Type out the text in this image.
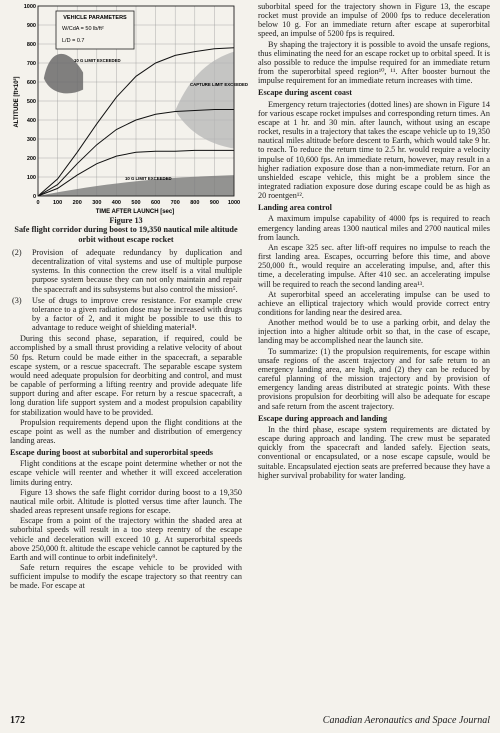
0 100 200 300 400 500 600 700 800 900 1000
0
100
200
300
400
500
600
700
800
900
1000
VEHICLE PARAMETERS
W/CdA = 50 lb/ft²
L/D = 0.7
10 G LIMIT EXCEEDED
CAPTURE LIMIT EXCEEDED
10 G LIMIT EXCEEDED
TIME AFTER LAUNCH [sec]
ALTITUDE [ft×10³]
Figure 13
Safe flight corridor during boost to 19,350 nautical mile altitude orbit without escape rocket
(2) Provision of adequate redundancy by duplication and decentralization of vital systems and use of multiple purpose systems. In this connection the crew itself is a vital multiple purpose system because they can not only maintain and repair the spacecraft and its subsystems but also control the mission⁵.
(3) Use of drugs to improve crew resistance. For example crew tolerance to a given radiation dose may be increased with drugs by a factor of 2, and it might be possible to use this to advantage to reduce weight of shielding material⁸.

During this second phase, separation, if required, could be accomplished by a small thrust providing a relative velocity of about 50 fps. Return could be made either in the spacecraft, a separable escape system, or a rescue spacecraft. The separable escape system would need adequate propulsion for deorbiting and control, and must be capable of performing a lifting reentry and provide adequate life support during and after escape. For return by a rescue spacecraft, a long duration life support system and a modest propulsion capability for stabilization would have to be provided.

Propulsion requirements depend upon the flight conditions at the escape point as well as the number and distribution of emergency landing areas.

Escape during boost at suborbital and superorbital speeds

Flight conditions at the escape point determine whether or not the escape vehicle will reenter and whether it will exceed acceleration limits during entry.

Figure 13 shows the safe flight corridor during boost to a 19,350 nautical mile orbit. Altitude is plotted versus time after launch. The shaded areas represent unsafe regions for escape.

Escape from a point of the trajectory within the shaded area at suborbital speeds will result in a too steep reentry of the escape vehicle and deceleration will exceed 10 g. At superorbital speeds above 250,000 ft. altitude the escape vehicle cannot be captured by the Earth and will continue to orbit indefinitely⁹.

Safe return requires the escape vehicle to be provided with sufficient impulse to modify the escape trajectory so that reentry can be made. For escape at

suborbital speed for the trajectory shown in Figure 13, the escape rocket must provide an impulse of 2000 fps to reduce deceleration below 10 g. For an immediate return after escape at superorbital speed, an impulse of 5200 fps is required.

By shaping the trajectory it is possible to avoid the unsafe regions, thus eliminating the need for an escape rocket up to orbital speed. It is also possible to reduce the impulse required for an immediate return from the superorbital speed region¹⁰, ¹¹. After booster burnout the impulse requirement for an immediate return increases with time.

Escape during ascent coast

Emergency return trajectories (dotted lines) are shown in Figure 14 for various escape rocket impulses and corresponding return times. An escape at 1 hr. and 30 min. after launch, without using an escape rocket, results in a trajectory that takes the escape vehicle up to 19,350 nautical miles altitude before descent to Earth, which would take 9 hr. to reach. To reduce the return time to 2.5 hr. would require a velocity impulse of 10,600 fps. An immediate return, however, may result in a higher radiation exposure dose than a non-immediate return. For an unshielded escape vehicle, this might be a problem since the integrated radiation exposure dose during escape could be as high as 20 roentgen¹².

Landing area control

A maximum impulse capability of 4000 fps is required to reach emergency landing areas 1300 nautical miles and 2700 nautical miles from launch.

An escape 325 sec. after lift-off requires no impulse to reach the first landing area. Escapes, occurring before this time, and above 250,000 ft., would require an accelerating impulse, and, after this time, a decelerating impulse. After 410 sec. an accelerating impulse will be required to reach the second landing area¹³.

At superorbital speed an accelerating impulse can be used to achieve an elliptical trajectory which would provide correct entry conditions for landing near the desired area.

Another method would be to use a parking orbit, and delay the injection into a higher altitude orbit so that, in the case of escape, landing may be accomplished near the launch site.

To summarize: (1) the propulsion requirements, for escape within unsafe regions of the ascent trajectory and for safe return to an emergency landing area, are high, and (2) they can be reduced by careful planning of the mission trajectory and by provision of emergency landing areas distributed at strategic points. With these provisions propulsion for deorbiting will also be adequate for escape and safe return from the ascent trajectory.

Escape during approach and landing

In the third phase, escape system requirements are dictated by escape during approach and landing. The crew must be separated quickly from the spacecraft and landed safely. Ejection seats, conventional or encapsulated, or a nose escape capsule, would be suitable. Encapsulated ejection seats are preferred because they have a higher survival probability for water landing.

172	Canadian Aeronautics and Space Journal
